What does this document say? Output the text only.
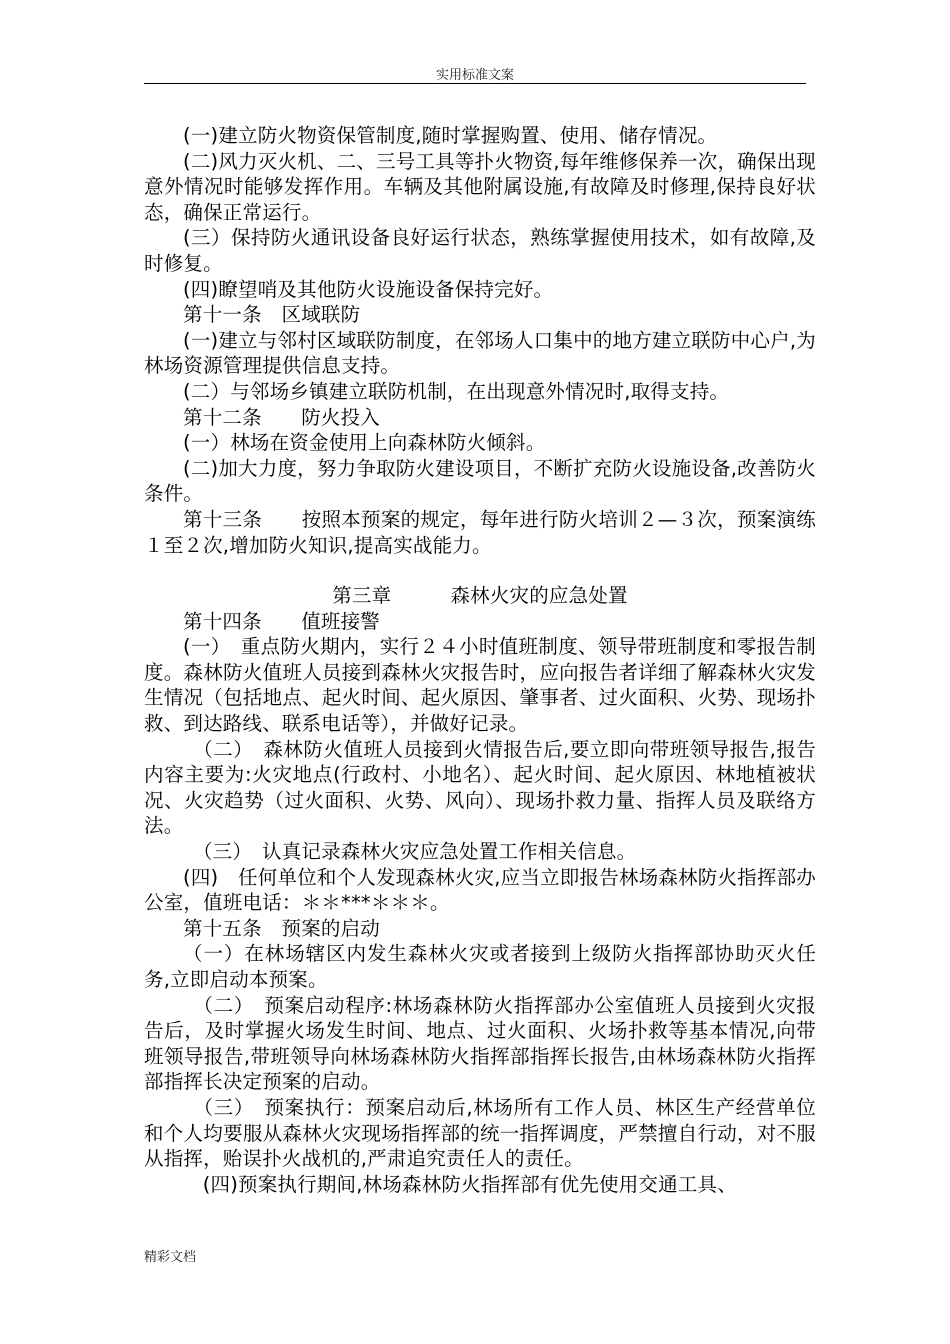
实用标准文案

(一)建立防火物资保管制度,随时掌握购置、使用、储存情况。

(二)风力灭火机、二、三号工具等扑火物资,每年维修保养一次，确保出现意外情况时能够发挥作用。车辆及其他附属设施,有故障及时修理,保持良好状态，确保正常运行。

(三）保持防火通讯设备良好运行状态，熟练掌握使用技术，如有故障,及时修复。

(四)瞭望哨及其他防火设施设备保持完好。

第十一条　区域联防

(一)建立与邻村区域联防制度，在邻场人口集中的地方建立联防中心户,为林场资源管理提供信息支持。

(二）与邻场乡镇建立联防机制，在出现意外情况时,取得支持。

第十二条　　防火投入

(一）林场在资金使用上向森林防火倾斜。

(二)加大力度，努力争取防火建设项目，不断扩充防火设施设备,改善防火条件。

第十三条　　按照本预案的规定，每年进行防火培训２—３次，预案演练１至２次,增加防火知识,提高实战能力。

第三章　　　森林火灾的应急处置

第十四条　　值班接警

(一）　重点防火期内，实行２４小时值班制度、领导带班制度和零报告制度。森林防火值班人员接到森林火灾报告时，应向报告者详细了解森林火灾发生情况（包括地点、起火时间、起火原因、肇事者、过火面积、火势、现场扑救、到达路线、联系电话等），并做好记录。

　（二）　森林防火值班人员接到火情报告后,要立即向带班领导报告,报告内容主要为:火灾地点(行政村、小地名）、起火时间、起火原因、林地植被状况、火灾趋势（过火面积、火势、风向）、现场扑救力量、指挥人员及联络方法。

　（三）　认真记录森林火灾应急处置工作相关信息。

(四)　任何单位和个人发现森林火灾,应当立即报告林场森林防火指挥部办公室，值班电话：＊＊***＊＊＊。

第十五条　预案的启动

（一）在林场辖区内发生森林火灾或者接到上级防火指挥部协助灭火任务,立即启动本预案。

　（二）　预案启动程序:林场森林防火指挥部办公室值班人员接到火灾报告后，及时掌握火场发生时间、地点、过火面积、火场扑救等基本情况,向带班领导报告,带班领导向林场森林防火指挥部指挥长报告,由林场森林防火指挥部指挥长决定预案的启动。

　（三）　预案执行：预案启动后,林场所有工作人员、林区生产经营单位和个人均要服从森林火灾现场指挥部的统一指挥调度，严禁擅自行动，对不服从指挥，贻误扑火战机的,严肃追究责任人的责任。

　(四)预案执行期间,林场森林防火指挥部有优先使用交通工具、

精彩文档
